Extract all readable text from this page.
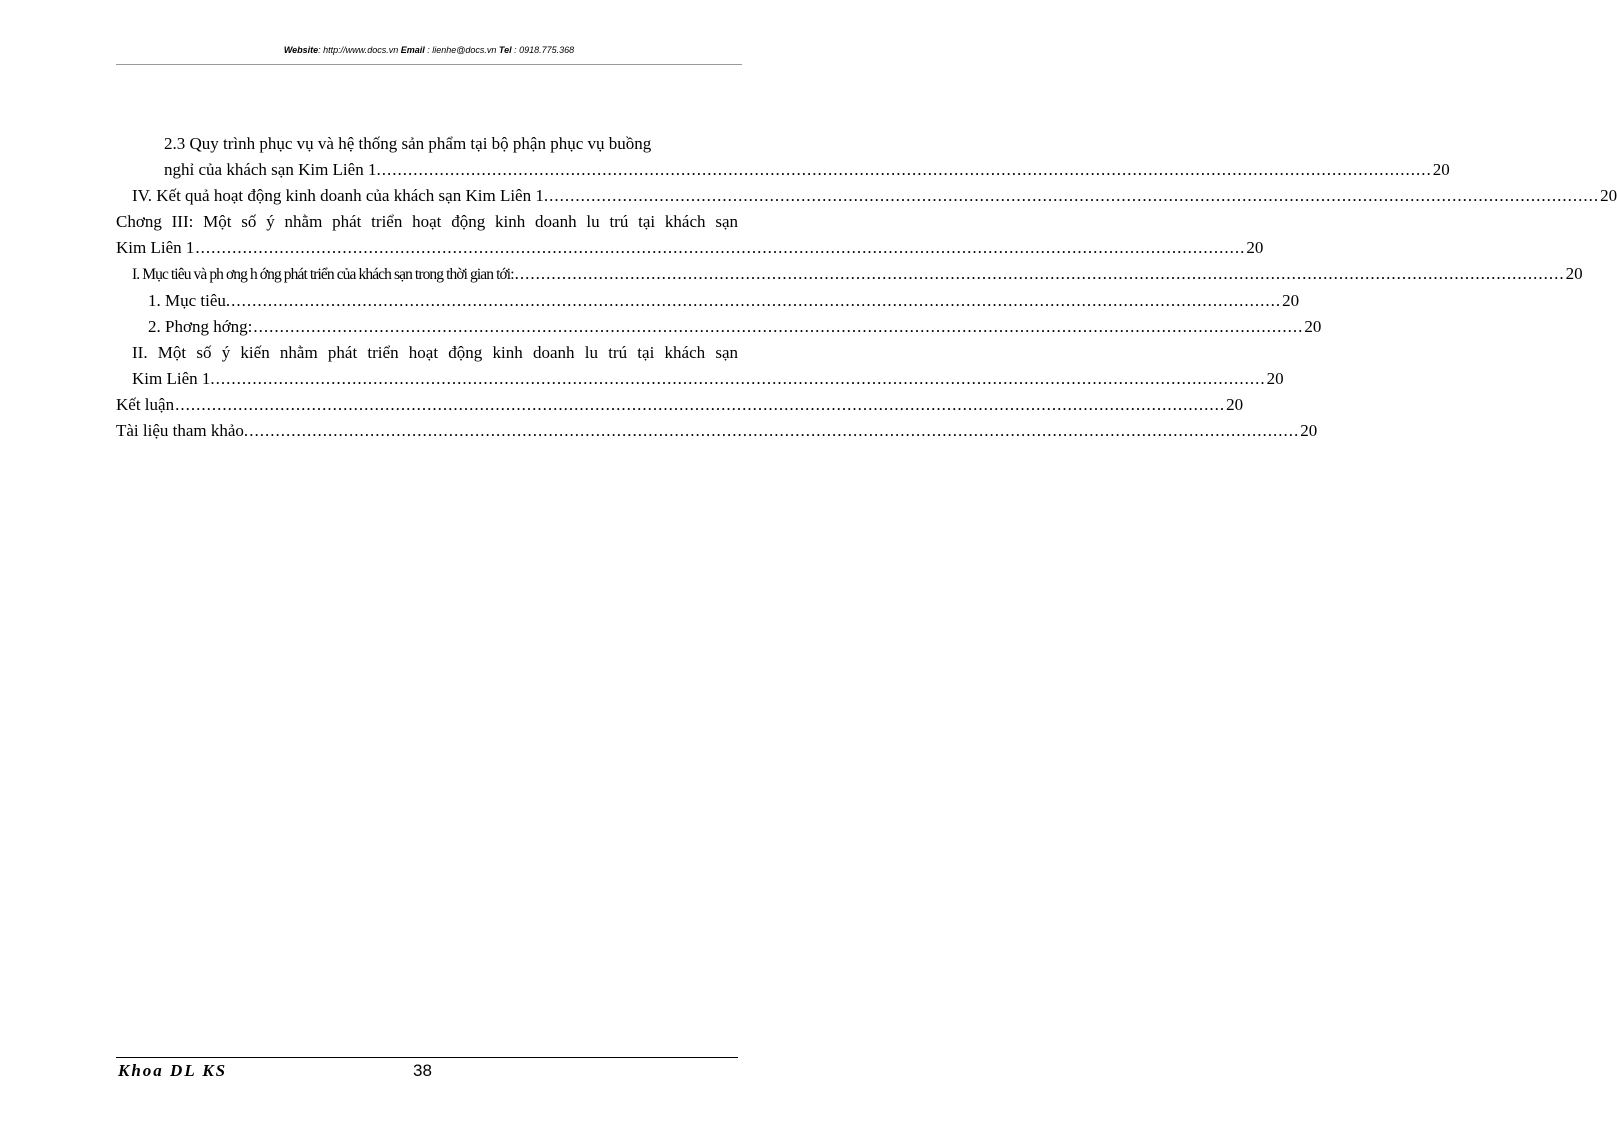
Website: http://www.docs.vn Email : lienhe@docs.vn Tel : 0918.775.368
2.3 Quy trình phục vụ và hệ thống sản phẩm tại bộ phận phục vụ buồng
nghỉ của khách sạn Kim Liên 1. ........................................................................................................................................................................................................ 20
IV. Kết quả hoạt động kinh doanh của khách sạn Kim Liên 1. ........................................................................................................................................................................................................ 20
Chơng III: Một số ý nhằm phát triển hoạt động kinh doanh lu trú tại khách sạn
Kim Liên 1 ........................................................................................................................................................................................................ 20
I. Mục tiêu và ph ơng h ớng phát triển của khách sạn trong thời gian tới: ........................................................................................................................................................................................................ 20
1. Mục tiêu. ........................................................................................................................................................................................................ 20
2. Phơng hớng: ........................................................................................................................................................................................................ 20
II. Một số ý kiến nhằm phát triển hoạt động kinh doanh lu trú tại khách sạn
Kim Liên 1. ........................................................................................................................................................................................................ 20
Kết luận ........................................................................................................................................................................................................ 20
Tài liệu tham khảo. ........................................................................................................................................................................................................ 20
Khoa DL KS	38
